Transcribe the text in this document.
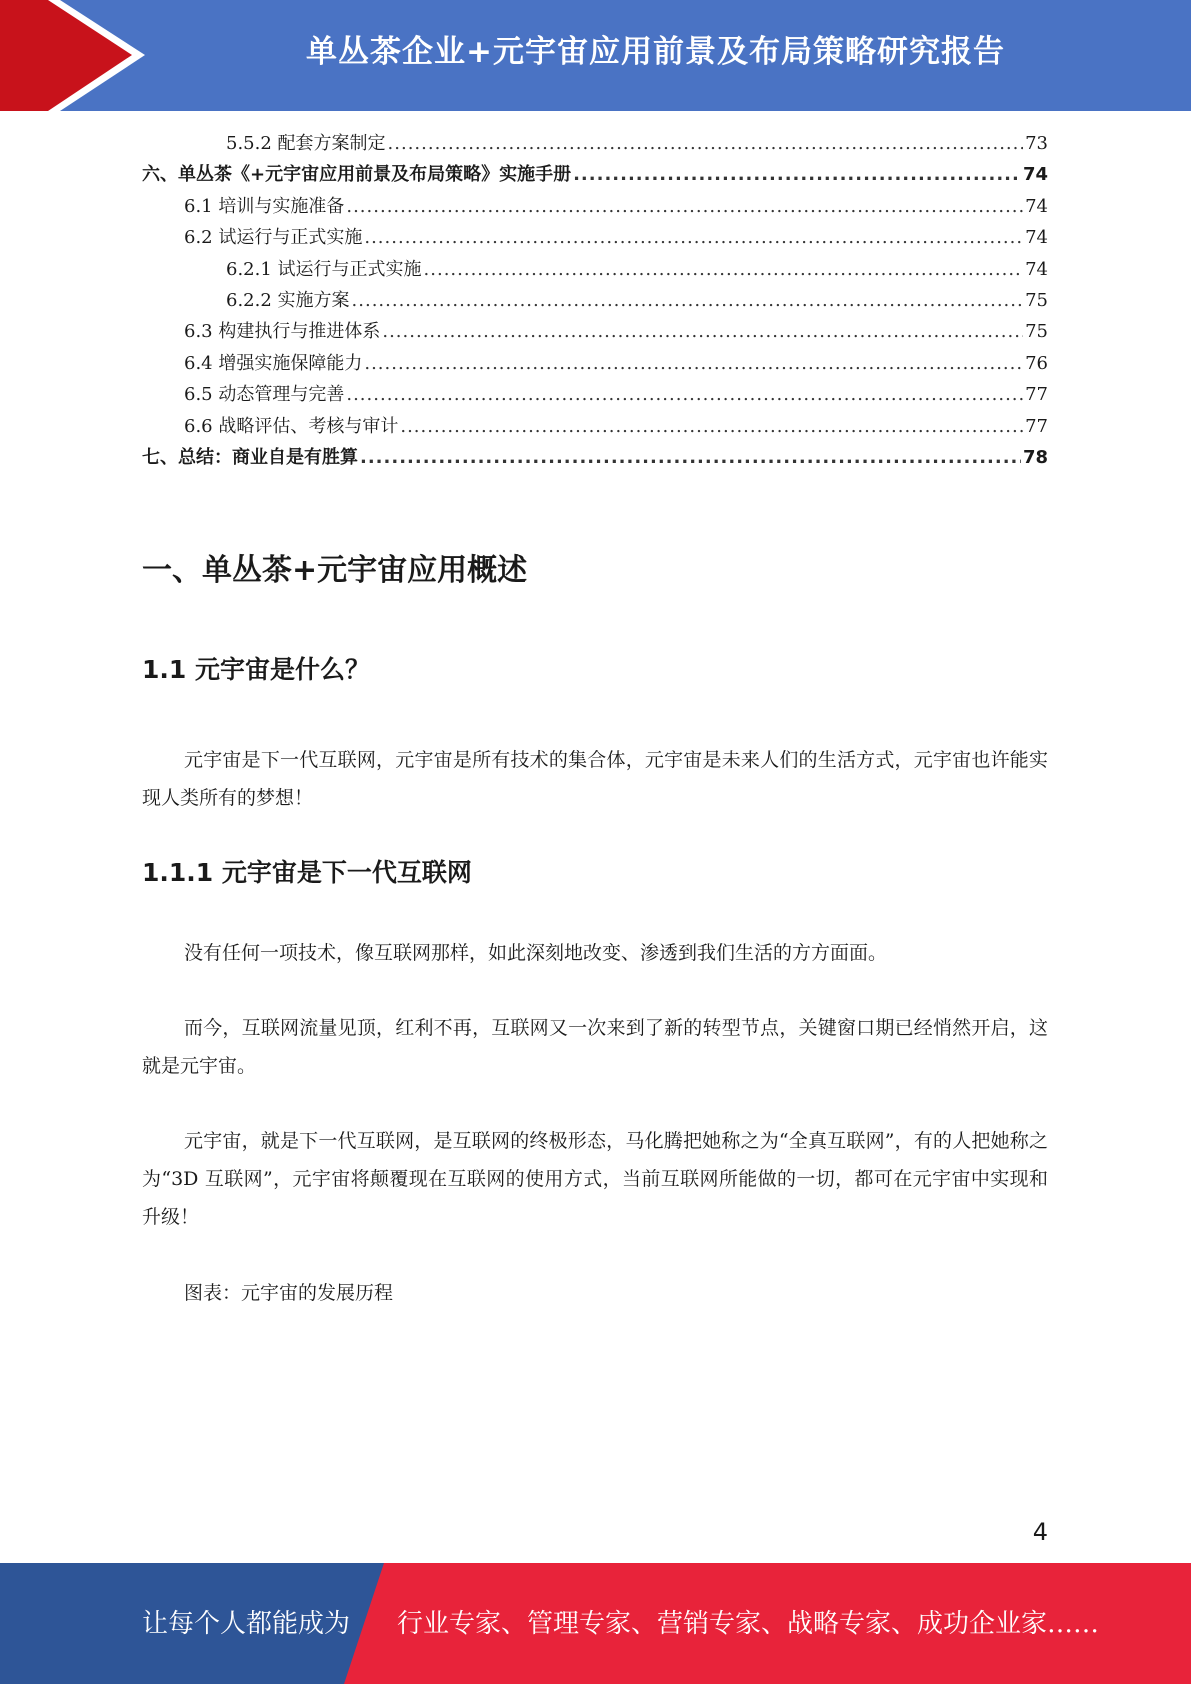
单丛茶企业+元宇宙应用前景及布局策略研究报告
5.5.2 配套方案制定 .....	73
六、单丛茶《+元宇宙应用前景及布局策略》实施手册 .....	74
6.1 培训与实施准备 .....	74
6.2 试运行与正式实施 .....	74
6.2.1 试运行与正式实施 .....	74
6.2.2 实施方案 .....	75
6.3 构建执行与推进体系 .....	75
6.4 增强实施保障能力 .....	76
6.5 动态管理与完善 .....	77
6.6 战略评估、考核与审计 .....	77
七、总结：商业自是有胜算 .....	78
一、单丛茶+元宇宙应用概述
1.1 元宇宙是什么？
元宇宙是下一代互联网，元宇宙是所有技术的集合体，元宇宙是未来人们的生活方式，元宇宙也许能实现人类所有的梦想！
1.1.1 元宇宙是下一代互联网
没有任何一项技术，像互联网那样，如此深刻地改变、渗透到我们生活的方方面面。
而今，互联网流量见顶，红利不再，互联网又一次来到了新的转型节点，关键窗口期已经悄然开启，这就是元宇宙。
元宇宙，就是下一代互联网，是互联网的终极形态，马化腾把她称之为“全真互联网”，有的人把她称之为“3D 互联网”，元宇宙将颠覆现在互联网的使用方式，当前互联网所能做的一切，都可在元宇宙中实现和升级！
图表：元宇宙的发展历程
4
让每个人都能成为 行业专家、管理专家、营销专家、战略专家、成功企业家……
